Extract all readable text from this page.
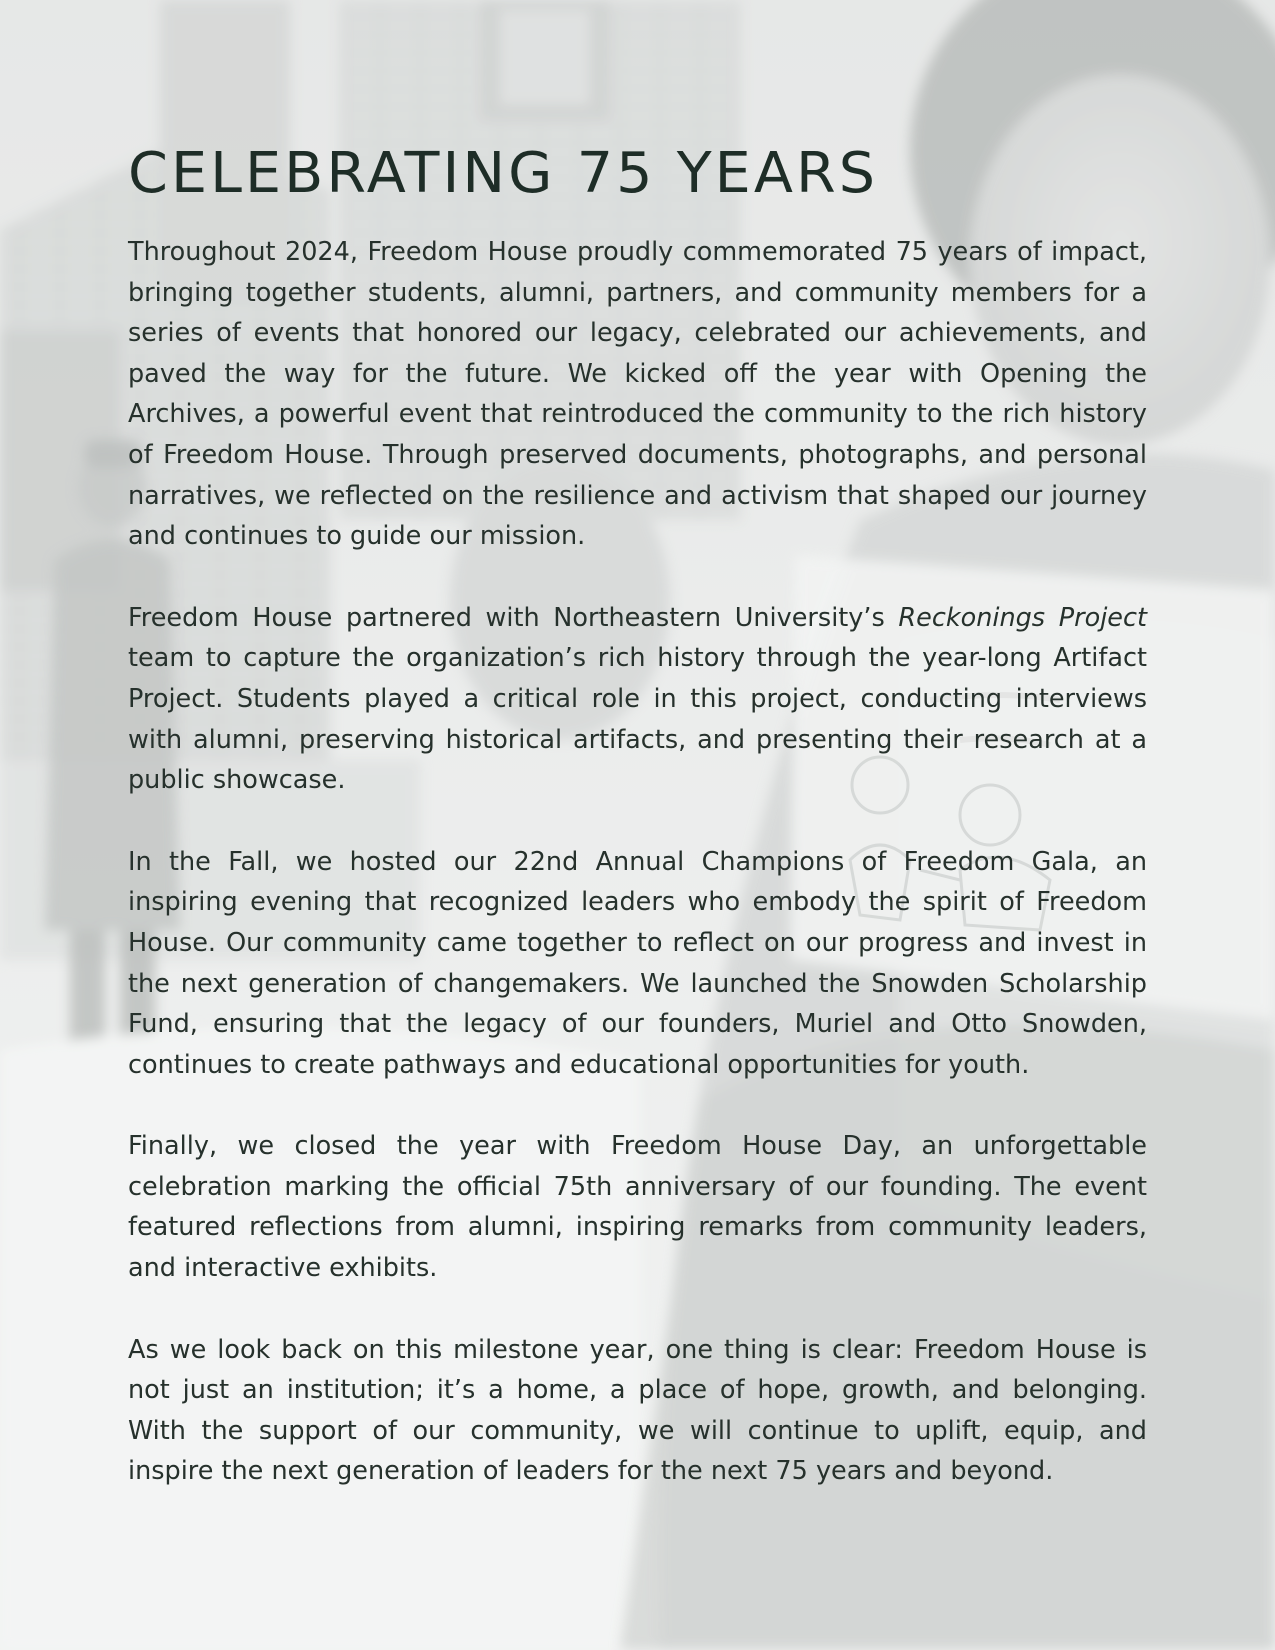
CELEBRATING 75 YEARS

Throughout 2024, Freedom House proudly commemorated 75 years of impact, bringing together students, alumni, partners, and community members for a series of events that honored our legacy, celebrated our achievements, and paved the way for the future. We kicked off the year with Opening the Archives, a powerful event that reintroduced the community to the rich history of Freedom House. Through preserved documents, photographs, and personal narratives, we reflected on the resilience and activism that shaped our journey and continues to guide our mission.

Freedom House partnered with Northeastern University’s Reckonings Project team to capture the organization’s rich history through the year-long Artifact Project. Students played a critical role in this project, conducting interviews with alumni, preserving historical artifacts, and presenting their research at a public showcase.

In the Fall, we hosted our 22nd Annual Champions of Freedom Gala, an inspiring evening that recognized leaders who embody the spirit of Freedom House. Our community came together to reflect on our progress and invest in the next generation of changemakers. We launched the Snowden Scholarship Fund, ensuring that the legacy of our founders, Muriel and Otto Snowden, continues to create pathways and educational opportunities for youth.

Finally, we closed the year with Freedom House Day, an unforgettable celebration marking the official 75th anniversary of our founding. The event featured reflections from alumni, inspiring remarks from community leaders, and interactive exhibits.

As we look back on this milestone year, one thing is clear: Freedom House is not just an institution; it’s a home, a place of hope, growth, and belonging. With the support of our community, we will continue to uplift, equip, and inspire the next generation of leaders for the next 75 years and beyond.
